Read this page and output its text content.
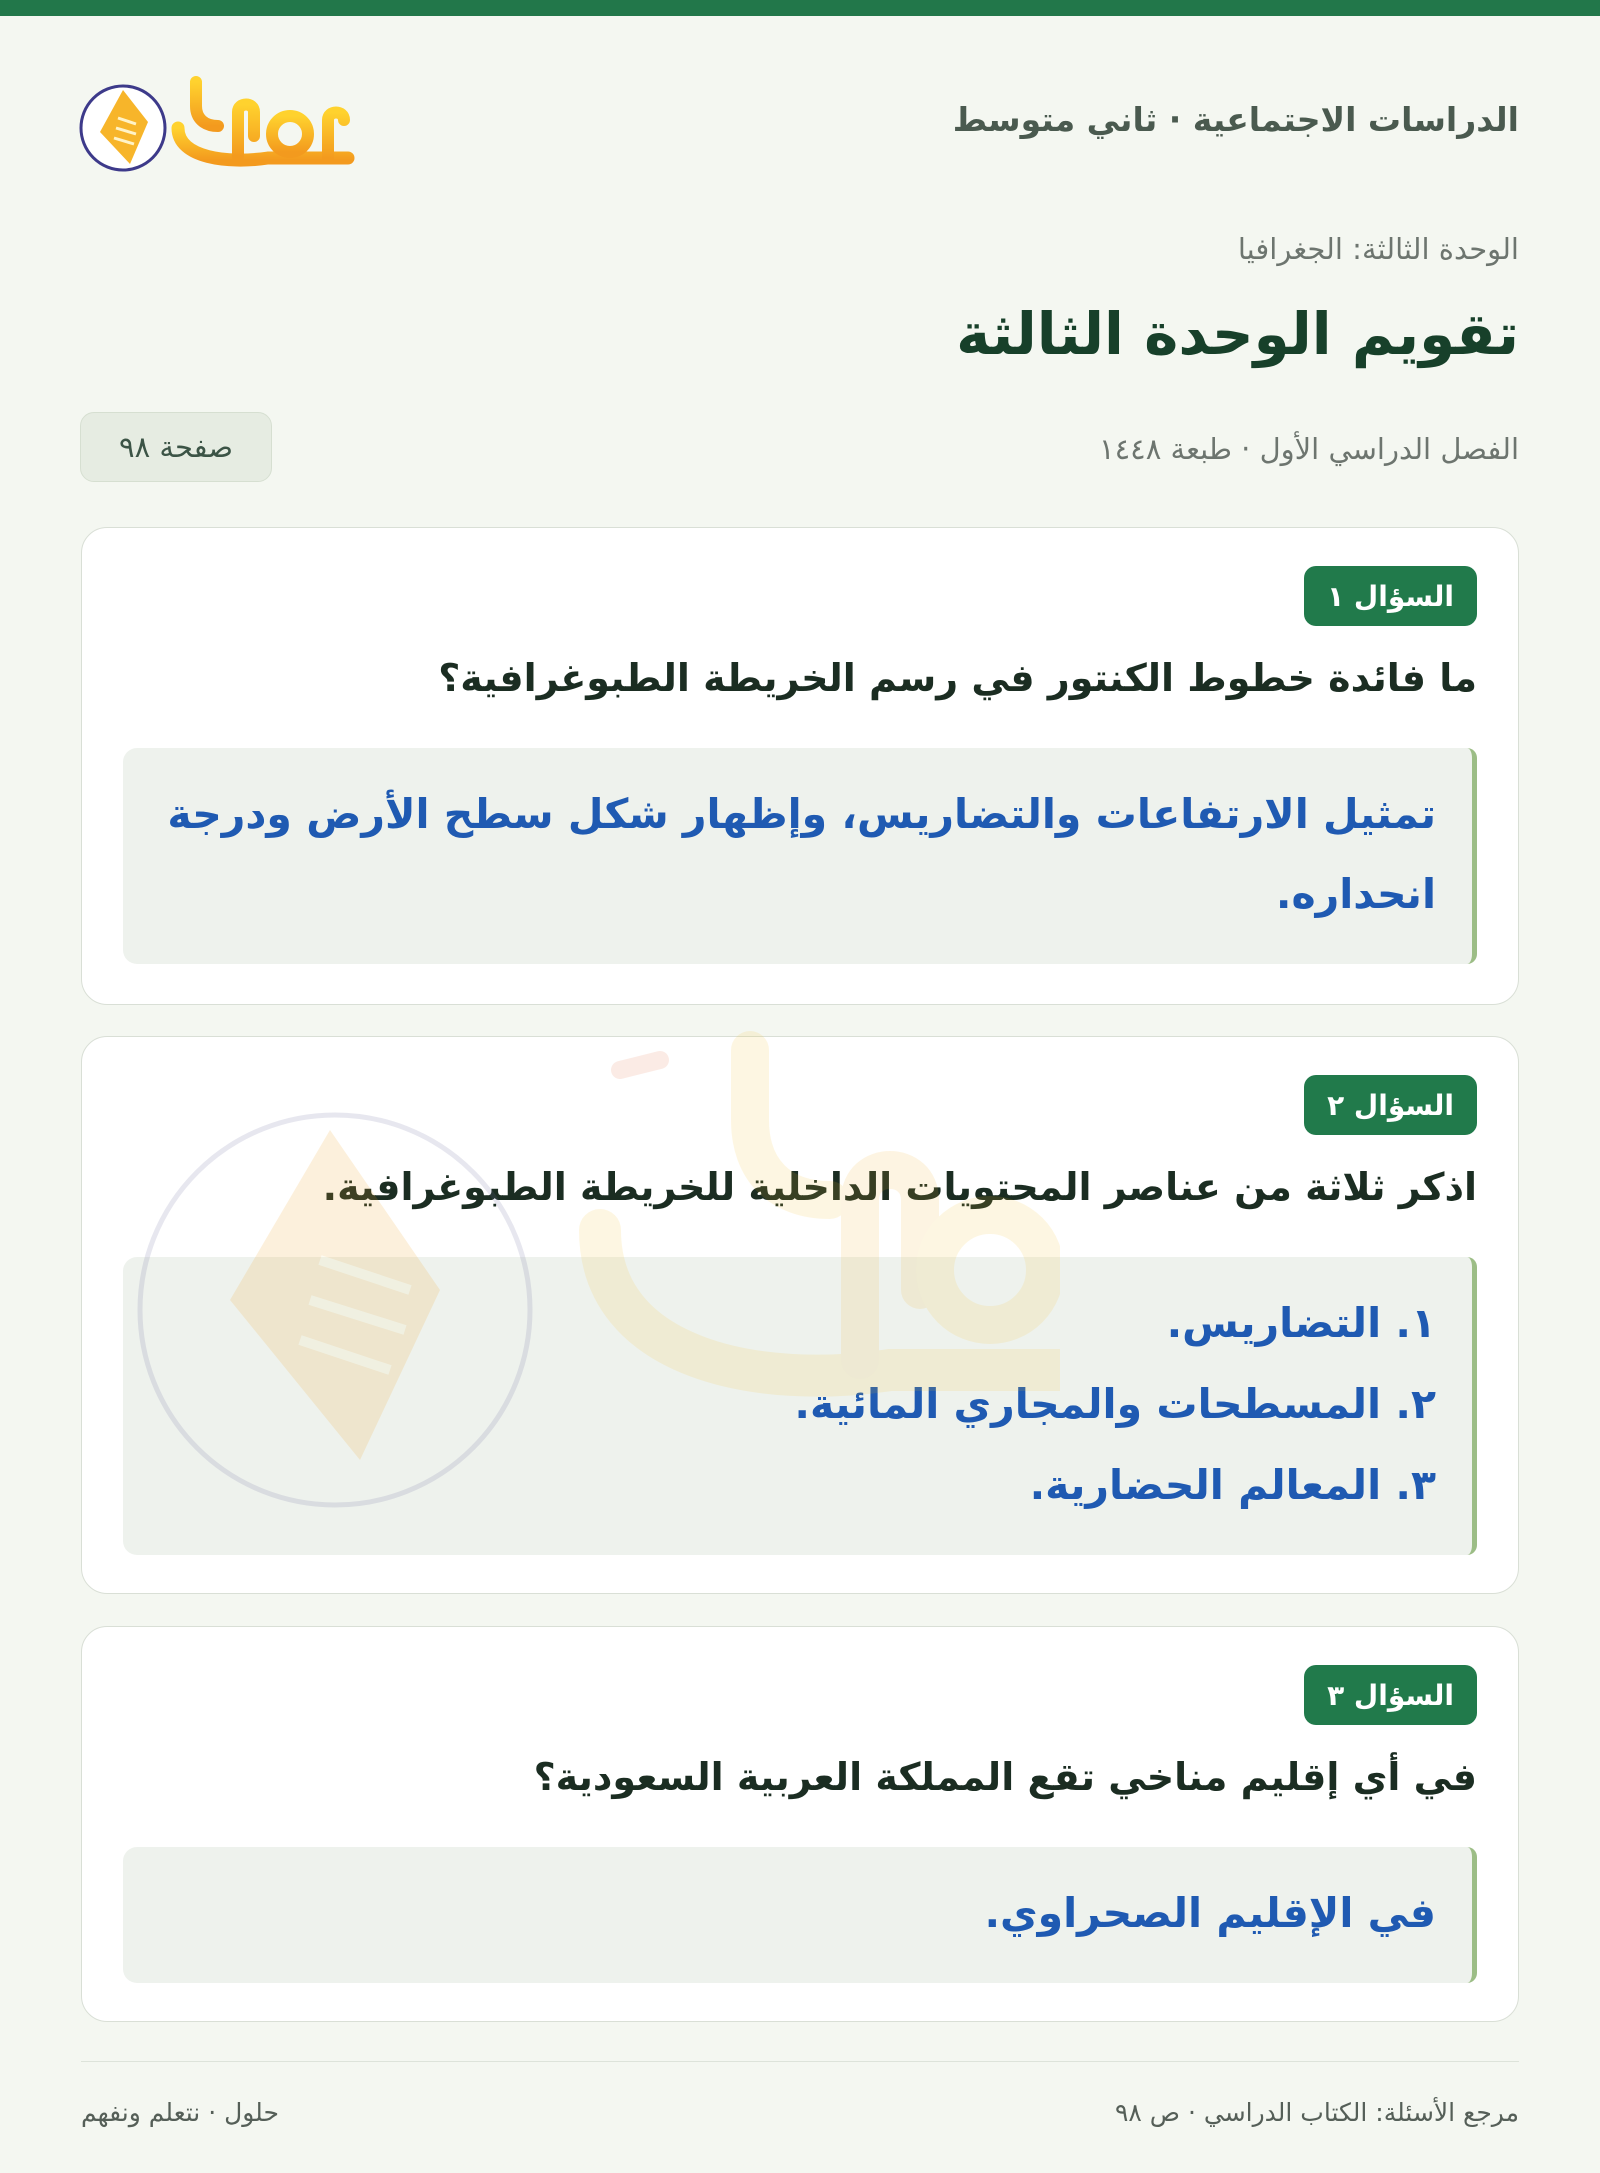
الدراسات الاجتماعية · ثاني متوسط
الوحدة الثالثة: الجغرافيا
تقويم الوحدة الثالثة
الفصل الدراسي الأول · طبعة ١٤٤٨
صفحة ٩٨
السؤال ١
ما فائدة خطوط الكنتور في رسم الخريطة الطبوغرافية؟
تمثيل الارتفاعات والتضاريس، وإظهار شكل سطح الأرض ودرجة انحداره.
السؤال ٢
اذكر ثلاثة من عناصر المحتويات الداخلية للخريطة الطبوغرافية.
١. التضاريس.
٢. المسطحات والمجاري المائية.
٣. المعالم الحضارية.
السؤال ٣
في أي إقليم مناخي تقع المملكة العربية السعودية؟
في الإقليم الصحراوي.
مرجع الأسئلة: الكتاب الدراسي · ص ٩٨
حلول · نتعلم ونفهم
